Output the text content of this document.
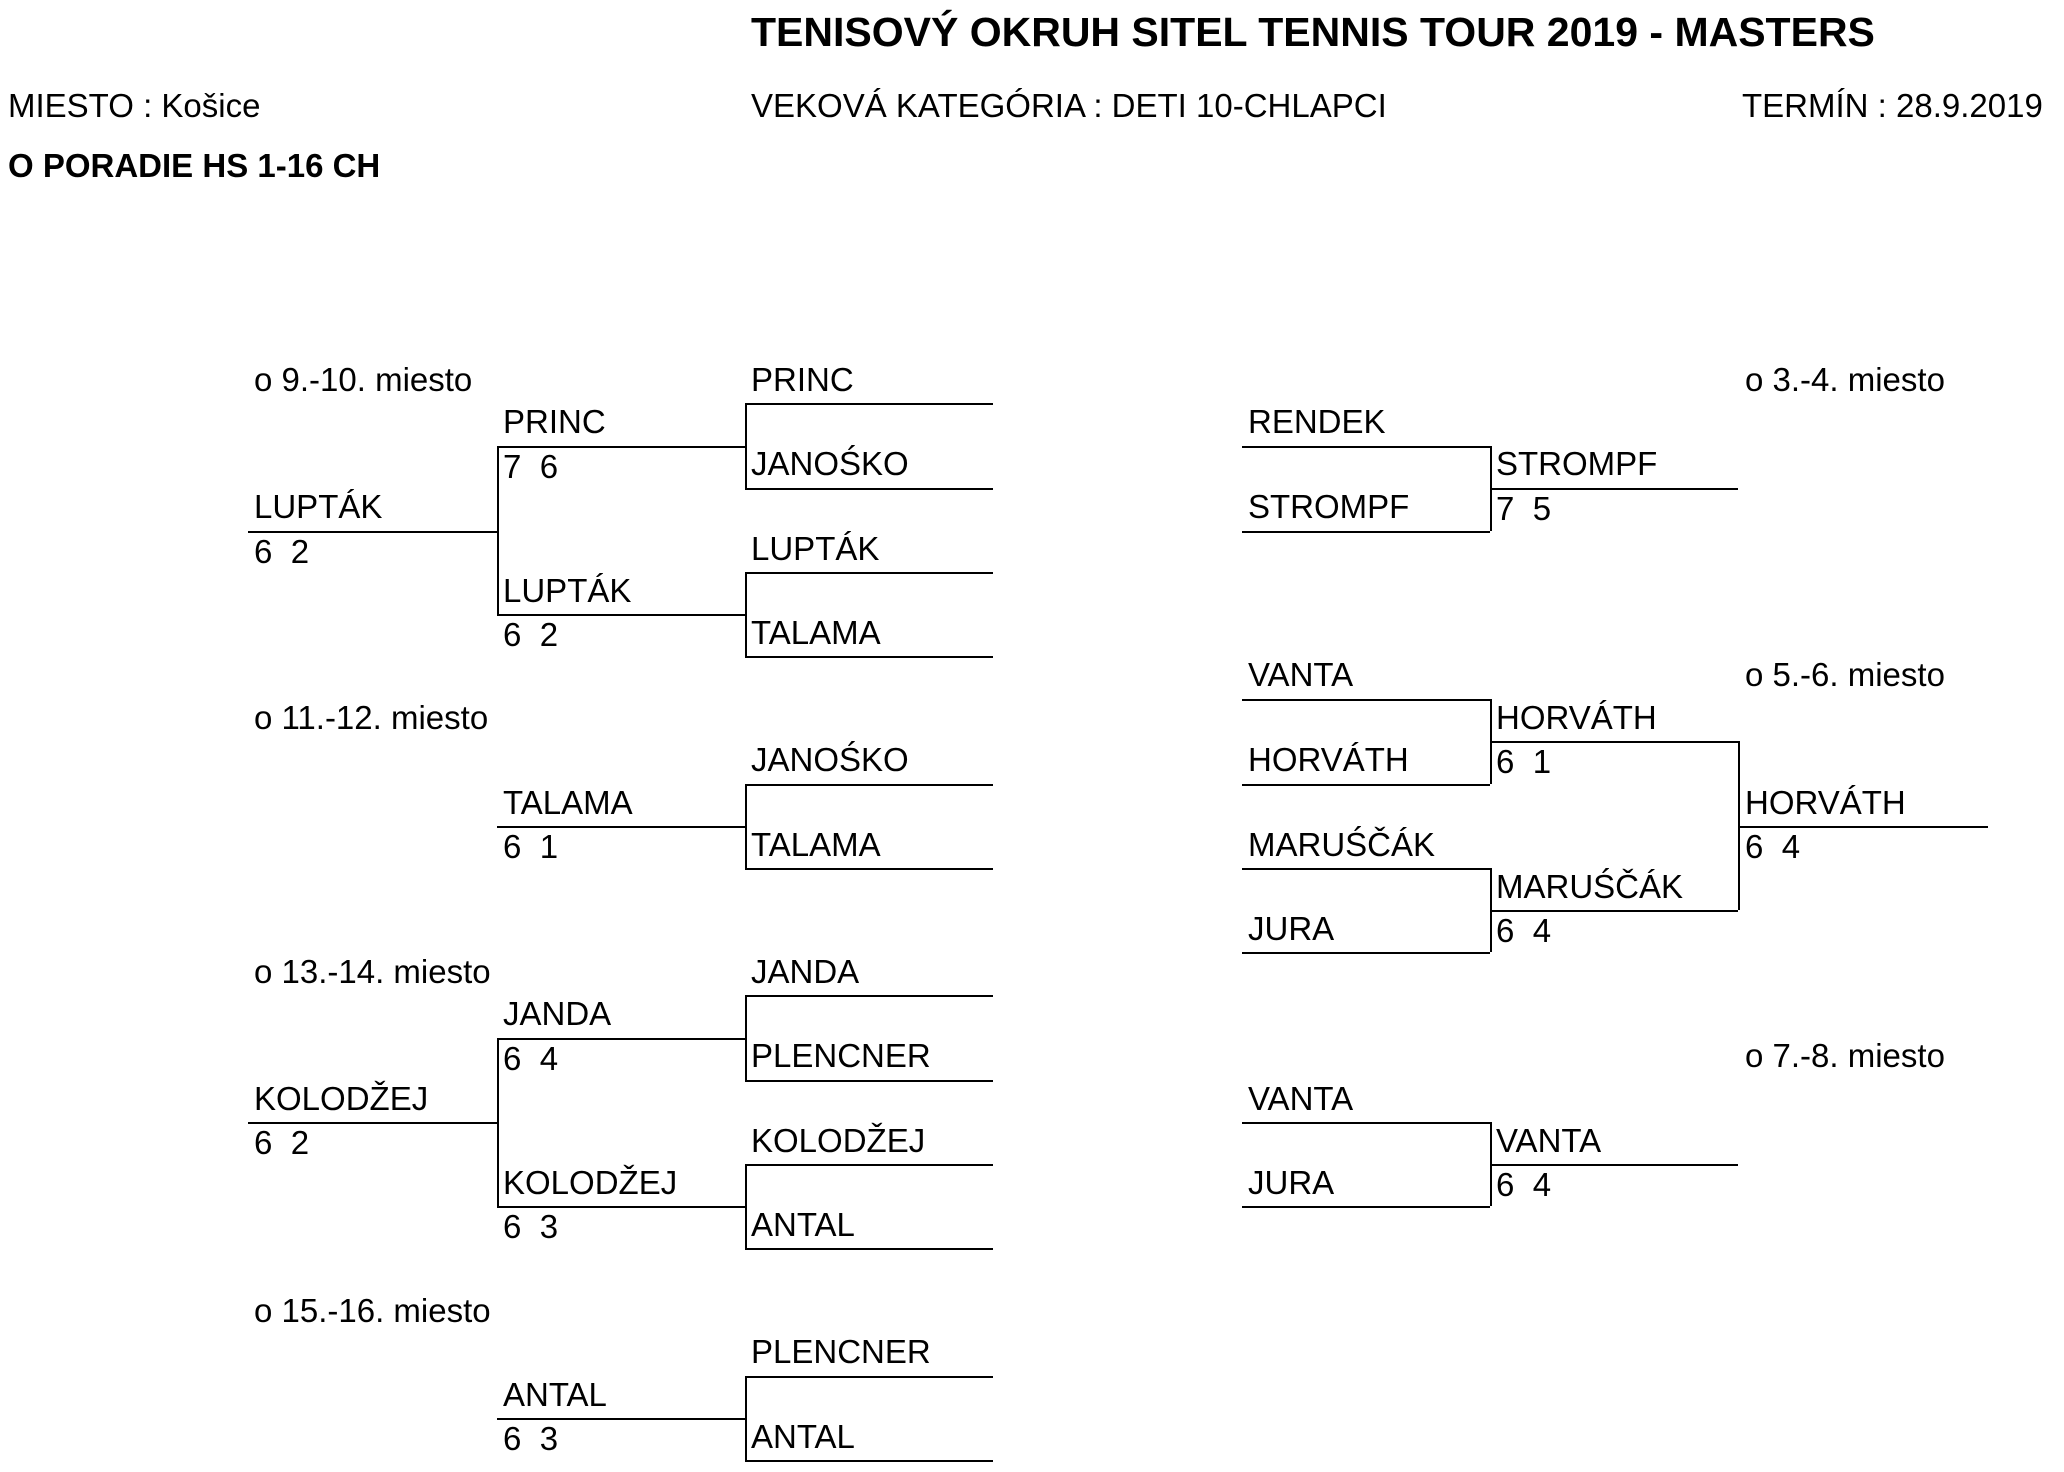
TENISOVÝ OKRUH SITEL TENNIS TOUR 2019 - MASTERS
MIESTO : Košice	VEKOVÁ KATEGÓRIA : DETI 10-CHLAPCI	TERMÍN : 28.9.2019
O PORADIE HS 1-16 CH
o 9.-10. miesto	PRINC
JANOŚKO
LUPTÁK
TALAMA
PRINC
7  6
LUPTÁK
6  2
LUPTÁK
6  2
o 11.-12. miesto
JANOŚKO
TALAMA
TALAMA
6  1
o 13.-14. miesto	JANDA
PLENCNER
KOLODŽEJ
ANTAL
JANDA
6  4
KOLODŽEJ
6  3
KOLODŽEJ
6  2
o 15.-16. miesto
PLENCNER
ANTAL
ANTAL
6  3
o 3.-4. miesto
RENDEK
STROMPF
STROMPF
7  5
o 5.-6. miesto
VANTA
HORVÁTH
MARUŚČÁK
JURA
HORVÁTH
6  1
MARUŚČÁK
6  4
HORVÁTH
6  4
o 7.-8. miesto
VANTA
JURA
VANTA
6  4
